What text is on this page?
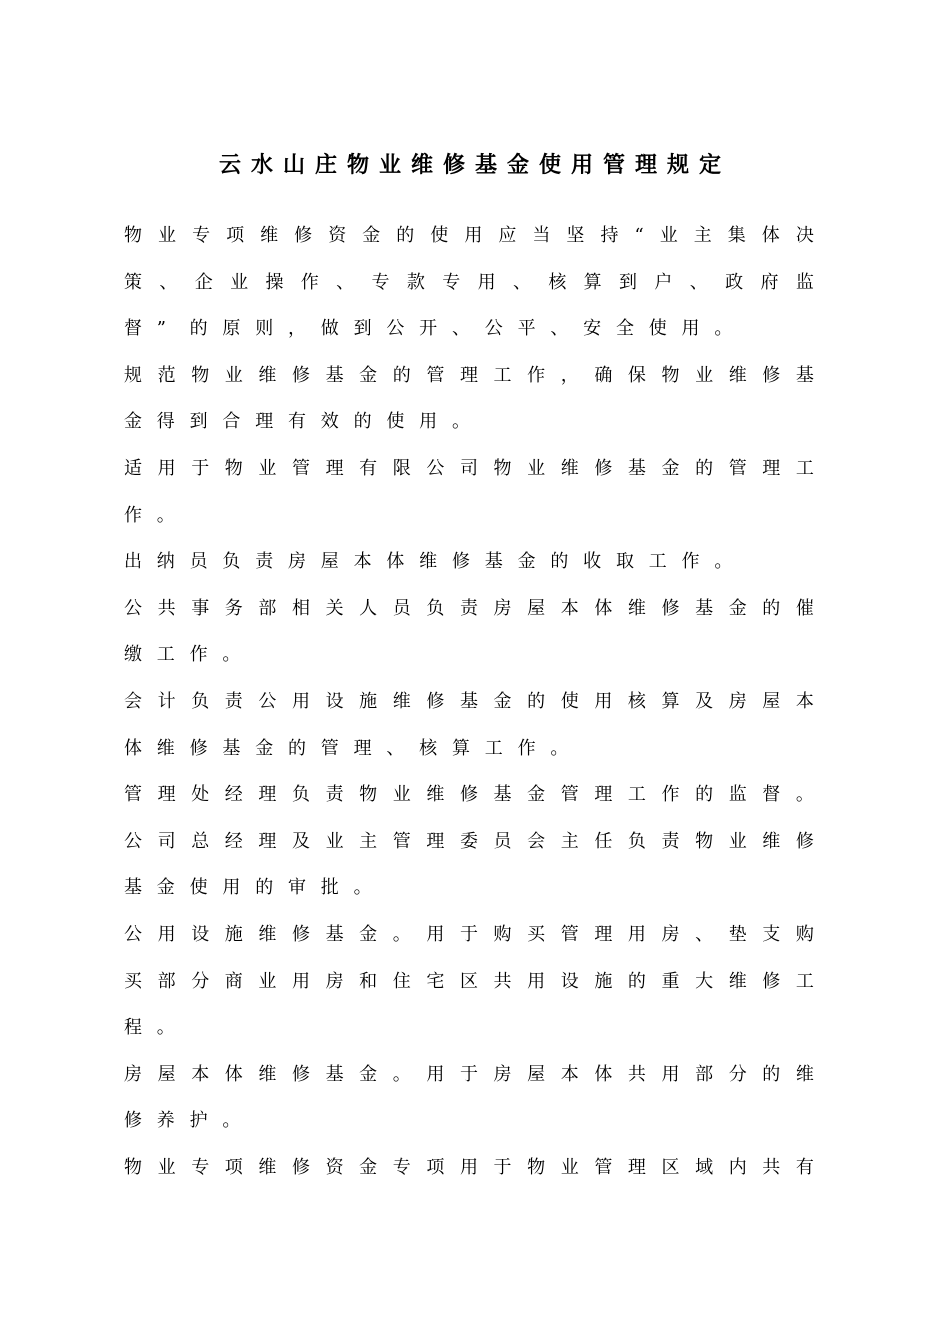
云水山庄物业维修基金使用管理规定
物 业 专 项 维 修 资 金 的 使 用 应 当 坚 持 “ 业 主 集 体 决
策 、 企 业 操 作 、 专 款 专 用 、 核 算 到 户 、 政 府 监
督 ”	的 原 则 ， 做 到 公 开 、 公 平 、 安 全 使 用 。
规 范 物 业 维 修 基 金 的 管 理 工 作 ， 确 保 物 业 维 修 基
金 得 到 合 理 有 效 的 使 用 。
适 用 于 物 业 管 理 有 限 公 司 物 业 维 修 基 金 的 管 理 工
作 。
出 纳 员 负 责 房 屋 本 体 维 修 基 金 的 收 取 工 作 。
公 共 事 务 部 相 关 人 员 负 责 房 屋 本 体 维 修 基 金 的 催
缴 工 作 。
会 计 负 责 公 用 设 施 维 修 基 金 的 使 用 核 算 及 房 屋 本
体 维 修 基 金 的 管 理 、 核 算 工 作 。
管 理 处 经 理 负 责 物 业 维 修 基 金 管 理 工 作 的 监 督 。
公 司 总 经 理 及 业 主 管 理 委 员 会 主 任 负 责 物 业 维 修
基 金 使 用 的 审 批 。
公 用 设 施 维 修 基 金 。 用 于 购 买 管 理 用 房 、 垫 支 购
买 部 分 商 业 用 房 和 住 宅 区 共 用 设 施 的 重 大 维 修 工
程 。
房 屋 本 体 维 修 基 金 。 用 于 房 屋 本 体 共 用 部 分 的 维
修 养 护 。
物 业 专 项 维 修 资 金 专 项 用 于 物 业 管 理 区 域 内 共 有
